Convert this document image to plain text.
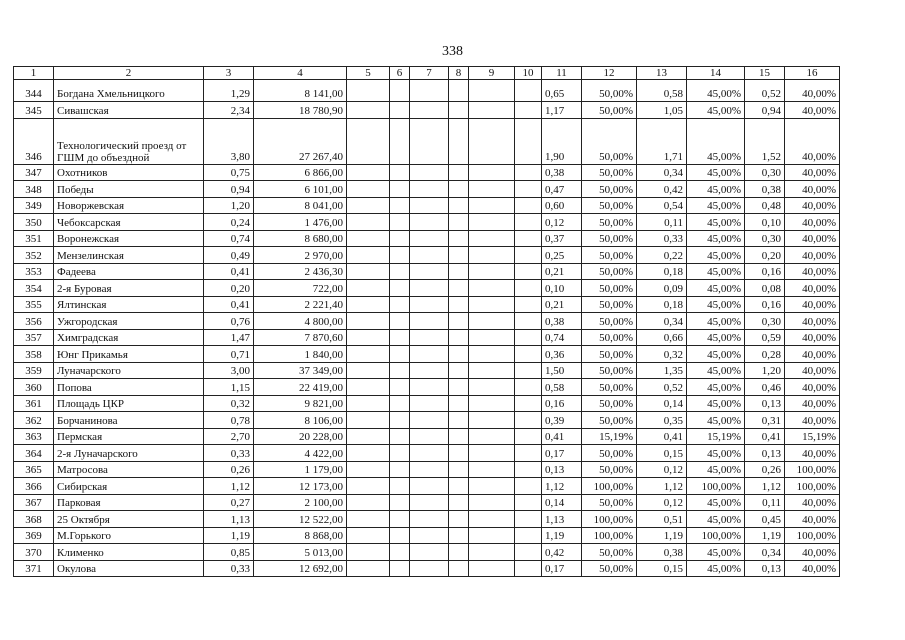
338
1	2	3	4	5	6	7	8	9	10	11	12	13	14	15	16
344	Богдана Хмельницкого	1,29	8 141,00							0,65	50,00%	0,58	45,00%	0,52	40,00%
345	Сивашская	2,34	18 780,90							1,17	50,00%	1,05	45,00%	0,94	40,00%
346	Технологический проезд от ГШМ до объездной	3,80	27 267,40							1,90	50,00%	1,71	45,00%	1,52	40,00%
347	Охотников	0,75	6 866,00							0,38	50,00%	0,34	45,00%	0,30	40,00%
348	Победы	0,94	6 101,00							0,47	50,00%	0,42	45,00%	0,38	40,00%
349	Новоржевская	1,20	8 041,00							0,60	50,00%	0,54	45,00%	0,48	40,00%
350	Чебоксарская	0,24	1 476,00							0,12	50,00%	0,11	45,00%	0,10	40,00%
351	Воронежская	0,74	8 680,00							0,37	50,00%	0,33	45,00%	0,30	40,00%
352	Мензелинская	0,49	2 970,00							0,25	50,00%	0,22	45,00%	0,20	40,00%
353	Фадеева	0,41	2 436,30							0,21	50,00%	0,18	45,00%	0,16	40,00%
354	2-я Буровая	0,20	722,00							0,10	50,00%	0,09	45,00%	0,08	40,00%
355	Ялтинская	0,41	2 221,40							0,21	50,00%	0,18	45,00%	0,16	40,00%
356	Ужгородская	0,76	4 800,00							0,38	50,00%	0,34	45,00%	0,30	40,00%
357	Химградская	1,47	7 870,60							0,74	50,00%	0,66	45,00%	0,59	40,00%
358	Юнг Прикамья	0,71	1 840,00							0,36	50,00%	0,32	45,00%	0,28	40,00%
359	Луначарского	3,00	37 349,00							1,50	50,00%	1,35	45,00%	1,20	40,00%
360	Попова	1,15	22 419,00							0,58	50,00%	0,52	45,00%	0,46	40,00%
361	Площадь ЦКР	0,32	9 821,00							0,16	50,00%	0,14	45,00%	0,13	40,00%
362	Борчанинова	0,78	8 106,00							0,39	50,00%	0,35	45,00%	0,31	40,00%
363	Пермская	2,70	20 228,00							0,41	15,19%	0,41	15,19%	0,41	15,19%
364	2-я Луначарского	0,33	4 422,00							0,17	50,00%	0,15	45,00%	0,13	40,00%
365	Матросова	0,26	1 179,00							0,13	50,00%	0,12	45,00%	0,26	100,00%
366	Сибирская	1,12	12 173,00							1,12	100,00%	1,12	100,00%	1,12	100,00%
367	Парковая	0,27	2 100,00							0,14	50,00%	0,12	45,00%	0,11	40,00%
368	25 Октября	1,13	12 522,00							1,13	100,00%	0,51	45,00%	0,45	40,00%
369	М.Горького	1,19	8 868,00							1,19	100,00%	1,19	100,00%	1,19	100,00%
370	Клименко	0,85	5 013,00							0,42	50,00%	0,38	45,00%	0,34	40,00%
371	Окулова	0,33	12 692,00							0,17	50,00%	0,15	45,00%	0,13	40,00%
